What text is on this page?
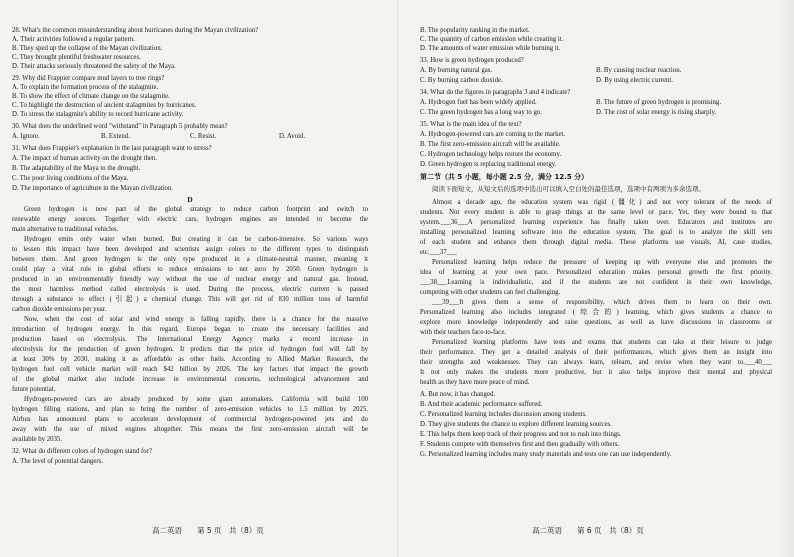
28. What's the common misunderstanding about hurricanes during the Mayan civilization?
A. Their activities followed a regular pattern.
B. They sped up the collapse of the Mayan civilization.
C. They brought plentiful freshwater resources.
D. Their attacks seriously threatened the safety of the Maya.
29. Why did Frappier compare mud layers to tree rings?
A. To explain the formation process of the stalagmite.
B. To show the effect of climate change on the stalagmite.
C. To highlight the destruction of ancient stalagmites by hurricanes.
D. To stress the stalagmite's ability to record hurricane activity.
30. What does the underlined word "withstand" in Paragraph 5 probably mean?
A. Ignore.	B. Extend.	C. Resist.	D. Avoid.
31. What does Frappier's explanation in the last paragraph want to stress?
A. The impact of human activity on the drought then.
B. The adaptability of the Maya to the drought.
C. The poor living conditions of the Maya.
D. The importance of agriculture in the Mayan civilization.
D
Green hydrogen is now part of the global strategy to reduce carbon footprint and switch to
renewable energy sources. Together with electric cars, hydrogen engines are intended to become the
main alternative to traditional vehicles.
Hydrogen emits only water when burned. But creating it can be carbon-intensive. So various ways
to lessen this impact have been developed and scientists assign colors to the different types to distinguish
between them. And green hydrogen is the only type produced in a climate-neutral manner, meaning it
could play a vital role in global efforts to reduce emissions to net zero by 2050. Green hydrogen is
produced in an environmentally friendly way without the use of nuclear energy and natural gas. Instead,
the most harmless method called electrolysis is used. During the process, electric current is passed
through a substance to effect (引起) a chemical change. This will get rid of 830 million tons of harmful
carbon dioxide emissions per year.
Now, when the cost of solar and wind energy is falling rapidly, there is a chance for the massive
introduction of hydrogen energy. In this regard, Europe began to create the necessary facilities and
production based on electrolysis. The International Energy Agency marks a record increase in
electrolysis for the production of green hydrogen. It predicts that the price of hydrogen fuel will fall by
at least 30% by 2030, making it as affordable as other fuels. According to Allied Market Research, the
hydrogen fuel cell vehicle market will reach $42 billion by 2026. The key factors that impact the growth
of the global market also include increase in environmental concerns, technological advancement and
future potential.
Hydrogen-powered cars are already produced by some giant automakers. California will build 100
hydrogen filling stations, and plan to bring the number of zero-emission vehicles to 1.5 million by 2025.
Airbus has announced plans to accelerate development of commercial hydrogen-powered jets and do
away with the use of mixed engines altogether. This means the first zero-emission aircraft will be
available by 2035.
32. What do different colors of hydrogen stand for?
A. The level of potential dangers.
高二英语　　第 5 页　共（8）页
B. The popularity ranking in the market.
C. The quantity of carbon emission while creating it.
D. The amounts of water emission while burning it.
33. How is green hydrogen produced?
A. By burning natural gas.	B. By causing nuclear reaction.
C. By burning carbon dioxide.	D. By using electric current.
34. What do the figures in paragraphs 3 and 4 indicate?
A. Hydrogen fuel has been widely applied.	B. The future of green hydrogen is promising.
C. The green hydrogen has a long way to go.	D. The cost of solar energy is rising sharply.
35. What is the main idea of the text?
A. Hydrogen-powered cars are coming to the market.
B. The first zero-emission aircraft will be available.
C. Hydrogen technology helps restore the economy.
D. Green hydrogen is replacing traditional energy.
第二节（共 5 小题，每小题 2.5 分，满分 12.5 分）
阅读下面短文，从短文后的选项中选出可以填入空白处的最佳选项，选项中有两项为多余选项。
Almost a decade ago, the education system was rigid (僵化) and not very tolerant of the needs of
students. Not every student is able to grasp things at the same level or pace. Yet, they were bound to that
system.___36___A personalized learning experience has finally taken over. Educators and institutes are
installing personalized learning software into the education system. The goal is to analyze the skill sets
of each student and enhance them through digital media. These platforms use visuals, AI, case studies,
etc.___37___
Personalized learning helps reduce the pressure of keeping up with everyone else and promotes the
idea of learning at your own pace. Personalized education makes personal growth the first priority.
___38___Learning is individualistic, and if the students are not confident in their own knowledge,
competing with other students can feel challenging.
___39___It gives them a sense of responsibility, which drives them to learn on their own.
Personalized learning also includes integrated (综合的) learning, which gives students a chance to
explore more knowledge independently and raise questions, as well as have discussions in classrooms or
with their teachers face-to-face.
Personalized learning platforms have tests and exams that students can take at their leisure to judge
their performance. They get a detailed analysis of their performances, which gives them an insight into
their strengths and weaknesses. They can always learn, relearn, and revise when they want to.___40___
It not only makes the students more productive, but it also helps improve their mental and physical
health as they have more peace of mind.
A. But now, it has changed.
B. And their academic performance suffered.
C. Personalized learning includes discussion among students.
D. They give students the chance to explore different learning sources.
E. This helps them keep track of their progress and not to rush into things.
F. Students compete with themselves first and then gradually with others.
G. Personalized learning includes many study materials and tests one can use independently.
高二英语　　第 6 页　共（8）页
